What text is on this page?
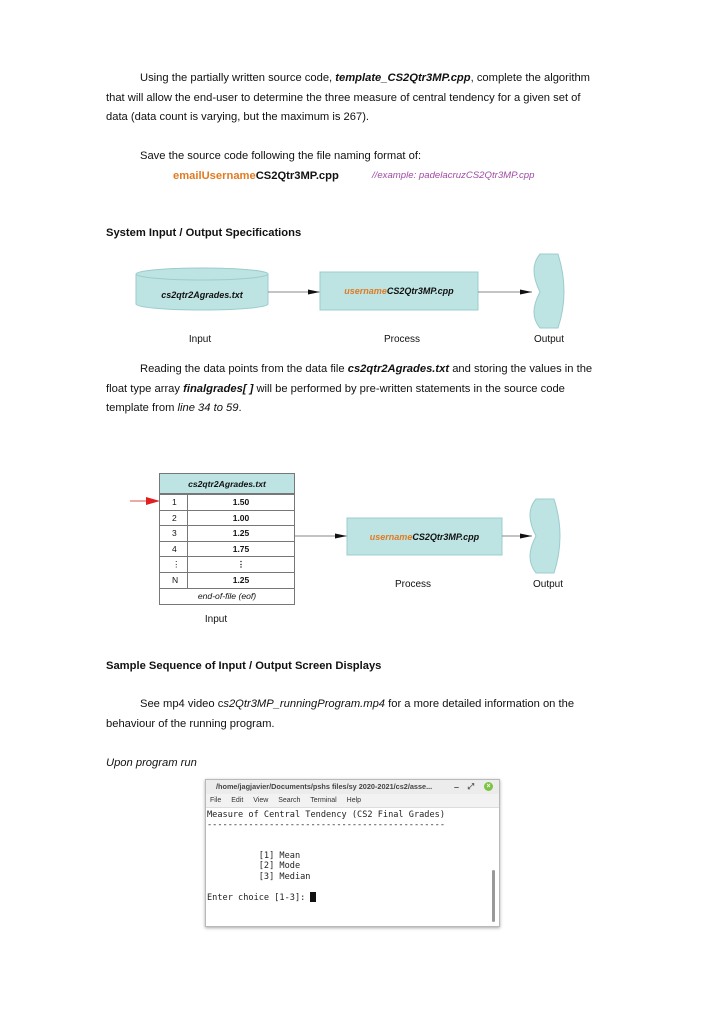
Using the partially written source code, template_CS2Qtr3MP.cpp, complete the algorithm that will allow the end-user to determine the three measure of central tendency for a given set of data (data count is varying, but the maximum is 267).

Save the source code following the file naming format of:

emailUsernameCS2Qtr3MP.cpp	//example: padelacruzCS2Qtr3MP.cpp
System Input / Output Specifications
cs2qtr2Agrades.txt	usernameCS2Qtr3MP.cpp
Input	Process	Output

Reading the data points from the data file cs2qtr2Agrades.txt and storing the values in the float type array finalgrades[ ] will be performed by pre-written statements in the source code template from line 34 to 59.

cs2qtr2Agrades.txt
1	1.50
2	1.00
3	1.25
4	1.75
⋮	⋮
N	1.25
end-of-file (eof)
usernameCS2Qtr3MP.cpp
Process	Output
Input
Sample Sequence of Input / Output Screen Displays

See mp4 video cs2Qtr3MP_runningProgram.mp4 for a more detailed information on the behaviour of the running program.

Upon program run
/home/jagjavier/Documents/pshs files/sy 2020-2021/cs2/asse... – ⤢	×
File Edit View Search Terminal Help
Measure of Central Tendency (CS2 Final Grades)
----------------------------------------------
[1] Mean
[2] Mode
[3] Median
Enter choice [1-3]:
